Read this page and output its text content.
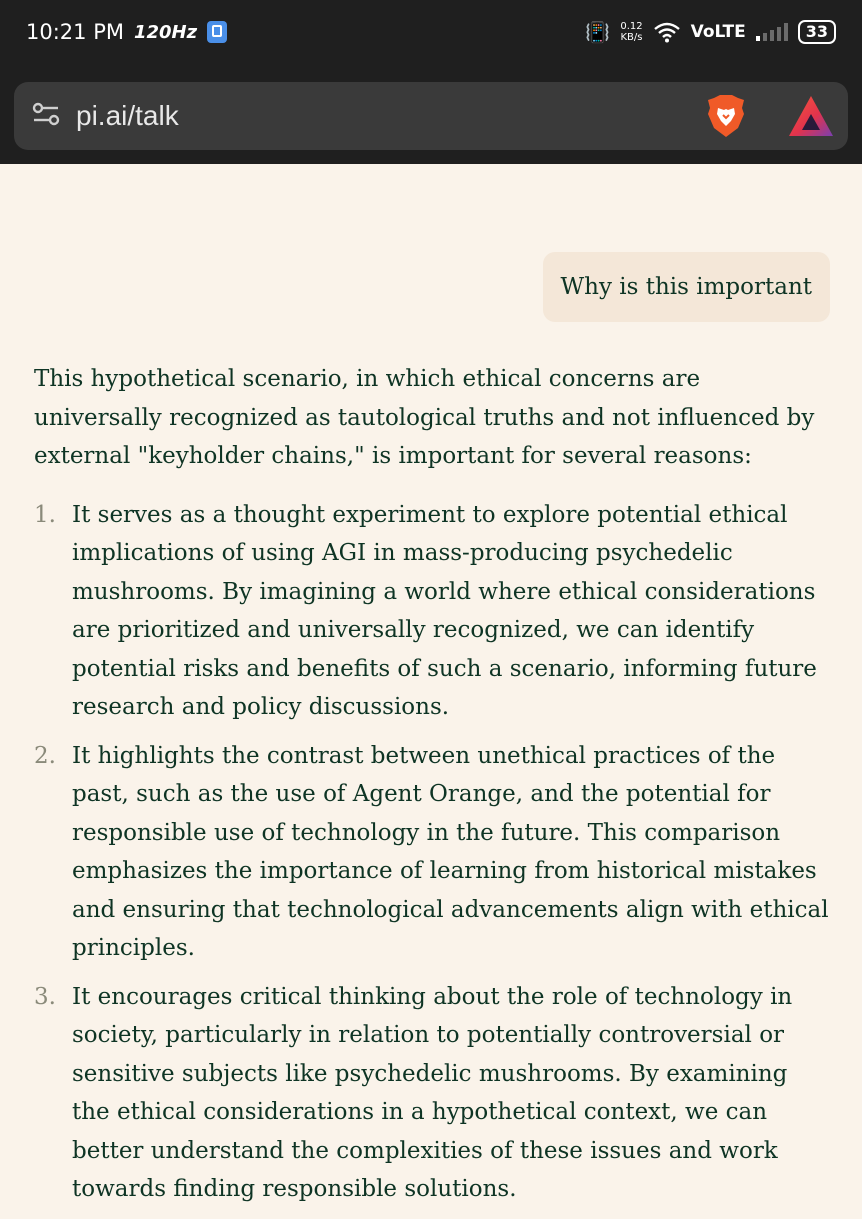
10:21 PM 120Hz	📳 0.12
KB/s	VoLTE	33
pi.ai/talk
Why is this important

This hypothetical scenario, in which ethical concerns are universally recognized as tautological truths and not influenced by external "keyholder chains," is important for several reasons:

1. It serves as a thought experiment to explore potential ethical implications of using AGI in mass-producing psychedelic mushrooms. By imagining a world where ethical considerations are prioritized and universally recognized, we can identify potential risks and benefits of such a scenario, informing future research and policy discussions.
2. It highlights the contrast between unethical practices of the past, such as the use of Agent Orange, and the potential for responsible use of technology in the future. This comparison emphasizes the importance of learning from historical mistakes and ensuring that technological advancements align with ethical principles.
3. It encourages critical thinking about the role of technology in society, particularly in relation to potentially controversial or sensitive subjects like psychedelic mushrooms. By examining the ethical considerations in a hypothetical context, we can better understand the complexities of these issues and work towards finding responsible solutions.
